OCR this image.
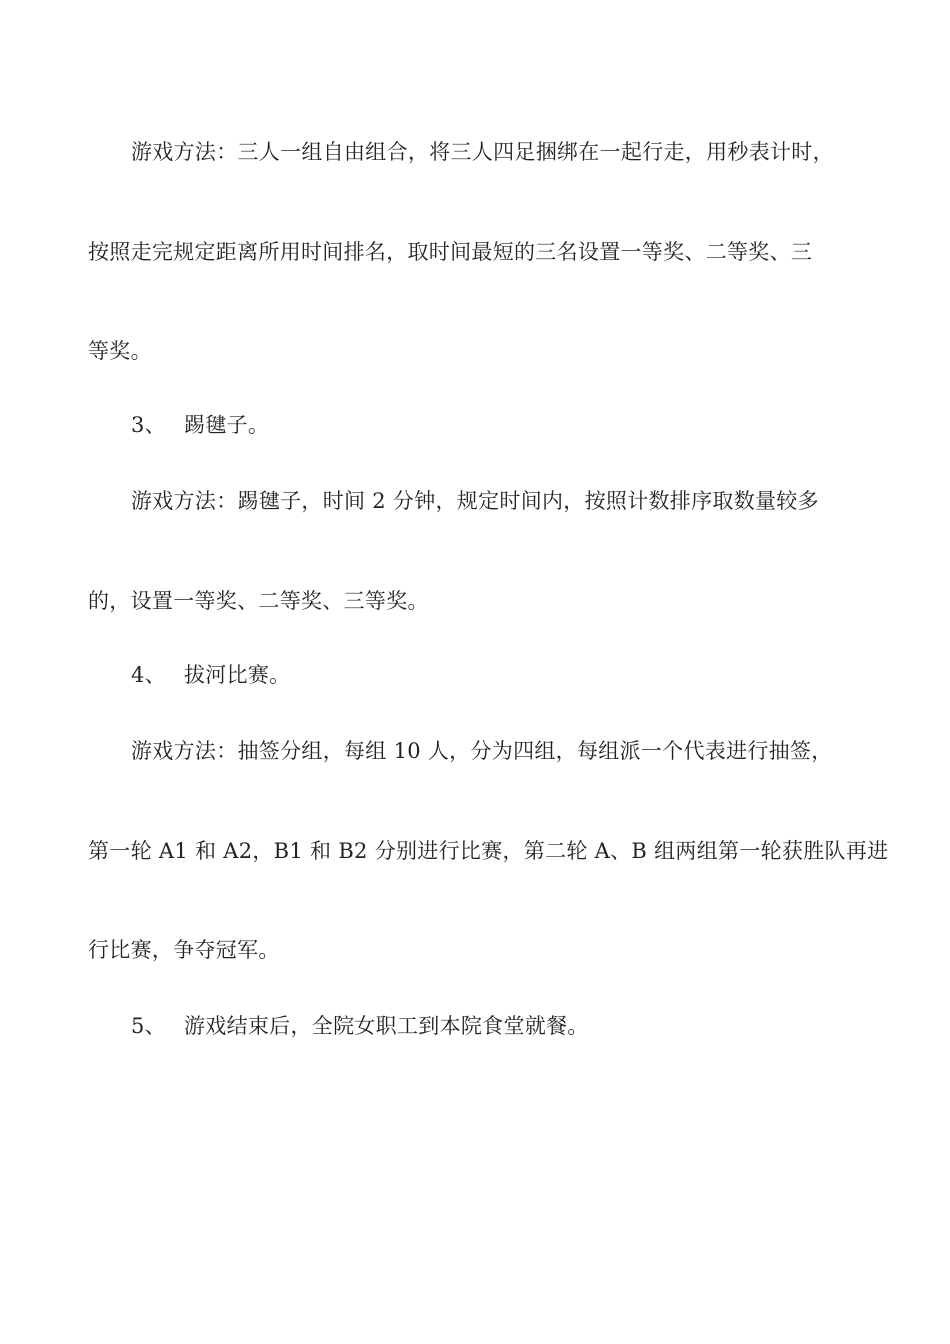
游戏方法：三人一组自由组合，将三人四足捆绑在一起行走，用秒表计时，
按照走完规定距离所用时间排名，取时间最短的三名设置一等奖、二等奖、三
等奖。
3、 踢毽子。
游戏方法：踢毽子，时间 2 分钟，规定时间内，按照计数排序取数量较多
的，设置一等奖、二等奖、三等奖。
4、 拔河比赛。
游戏方法：抽签分组，每组 10 人，分为四组，每组派一个代表进行抽签，
第一轮 A1 和 A2，B1 和 B2 分别进行比赛，第二轮 A、B 组两组第一轮获胜队再进
行比赛，争夺冠军。
5、 游戏结束后，全院女职工到本院食堂就餐。
